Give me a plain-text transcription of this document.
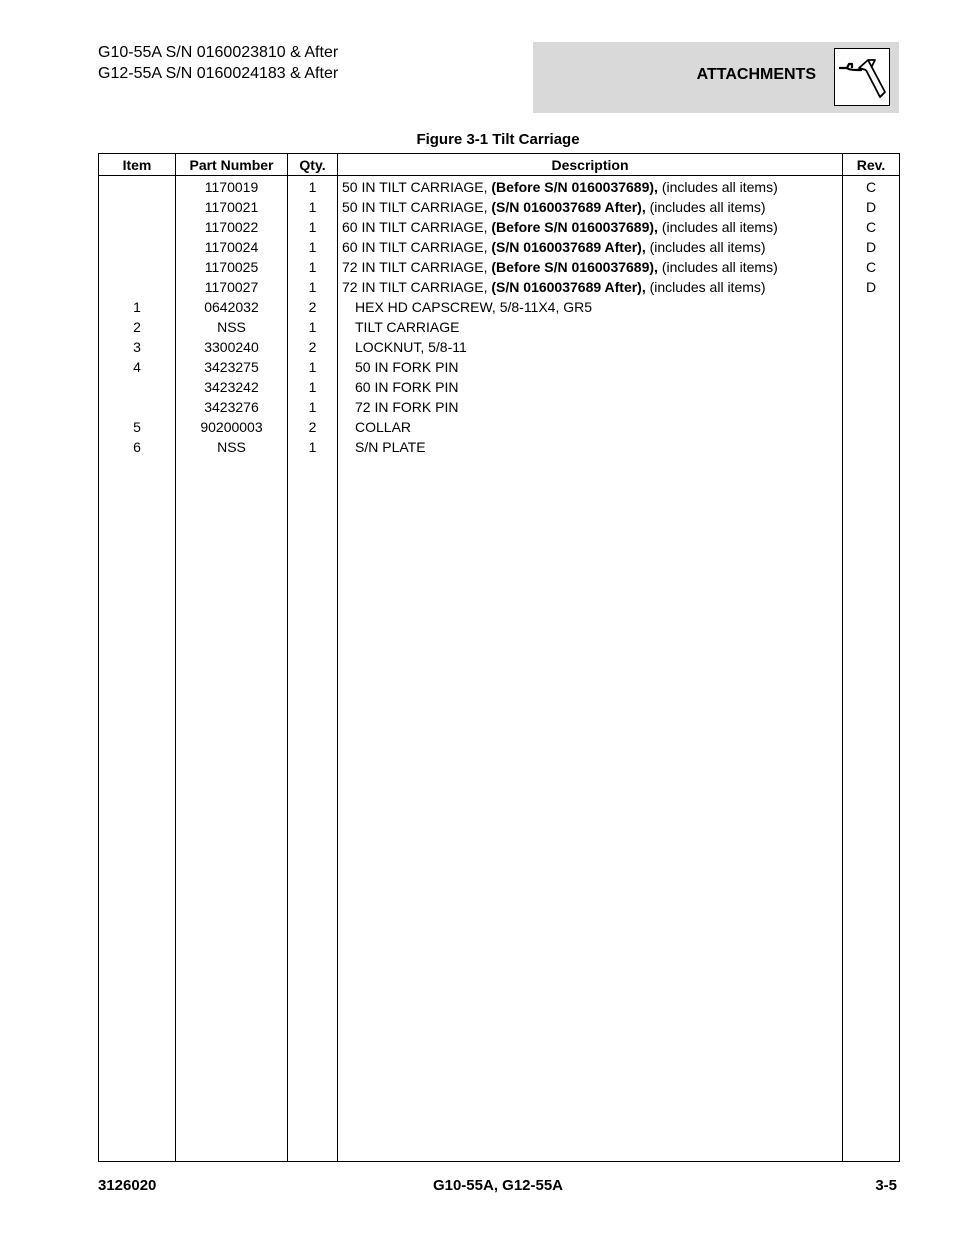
G10-55A S/N 0160023810 & After
G12-55A S/N 0160024183 & After	ATTACHMENTS
Figure 3-1 Tilt Carriage
Item	Part Number	Qty.	Description	Rev.
	1170019	1	50 IN TILT CARRIAGE, (Before S/N 0160037689), (includes all items)	C
	1170021	1	50 IN TILT CARRIAGE, (S/N 0160037689 After), (includes all items)	D
	1170022	1	60 IN TILT CARRIAGE, (Before S/N 0160037689), (includes all items)	C
	1170024	1	60 IN TILT CARRIAGE, (S/N 0160037689 After), (includes all items)	D
	1170025	1	72 IN TILT CARRIAGE, (Before S/N 0160037689), (includes all items)	C
	1170027	1	72 IN TILT CARRIAGE, (S/N 0160037689 After), (includes all items)	D
1	0642032	2	HEX HD CAPSCREW, 5/8-11X4, GR5	
2	NSS	1	TILT CARRIAGE	
3	3300240	2	LOCKNUT, 5/8-11	
4	3423275	1	50 IN FORK PIN	
	3423242	1	60 IN FORK PIN	
	3423276	1	72 IN FORK PIN	
5	90200003	2	COLLAR	
6	NSS	1	S/N PLATE	

3126020	G10-55A, G12-55A	3-5
